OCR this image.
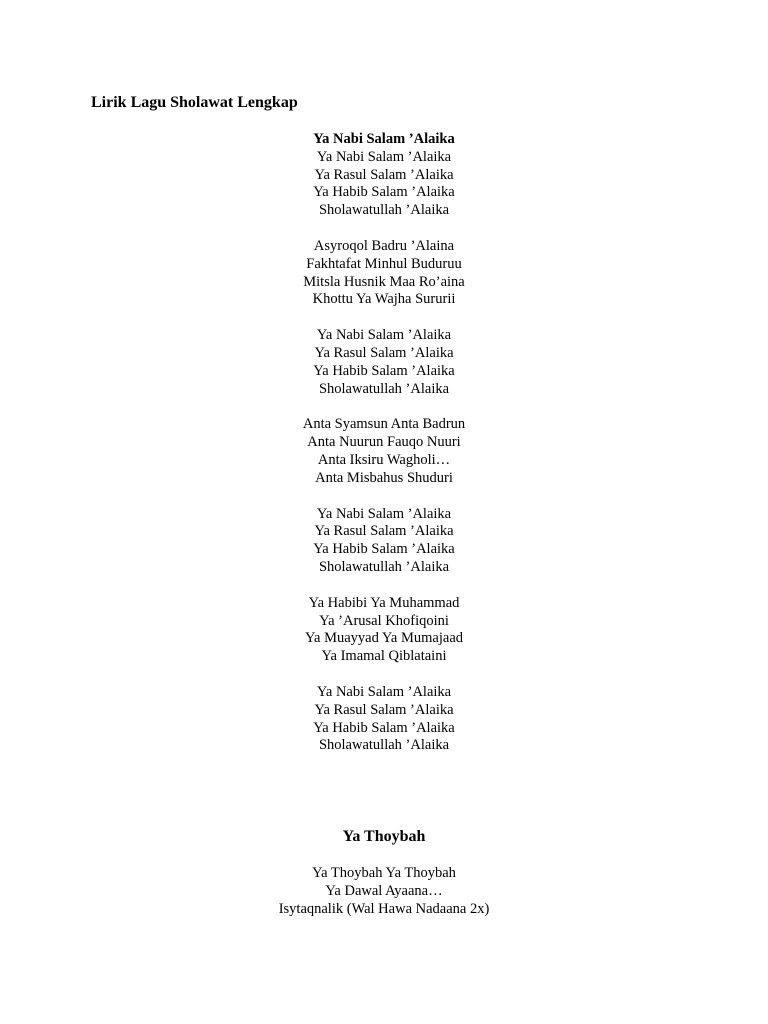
Lirik Lagu Sholawat Lengkap
Ya Nabi Salam ’Alaika
Ya Nabi Salam ’Alaika
Ya Rasul Salam ’Alaika
Ya Habib Salam ’Alaika
Sholawatullah ’Alaika
Asyroqol Badru ’Alaina
Fakhtafat Minhul Buduruu
Mitsla Husnik Maa Ro’aina
Khottu Ya Wajha Sururii
Ya Nabi Salam ’Alaika
Ya Rasul Salam ’Alaika
Ya Habib Salam ’Alaika
Sholawatullah ’Alaika
Anta Syamsun Anta Badrun
Anta Nuurun Fauqo Nuuri
Anta Iksiru Wagholi…
Anta Misbahus Shuduri
Ya Nabi Salam ’Alaika
Ya Rasul Salam ’Alaika
Ya Habib Salam ’Alaika
Sholawatullah ’Alaika
Ya Habibi Ya Muhammad
Ya ’Arusal Khofiqoini
Ya Muayyad Ya Mumajaad
Ya Imamal Qiblataini
Ya Nabi Salam ’Alaika
Ya Rasul Salam ’Alaika
Ya Habib Salam ’Alaika
Sholawatullah ’Alaika
Ya Thoybah
Ya Thoybah Ya Thoybah
Ya Dawal Ayaana…
Isytaqnalik (Wal Hawa Nadaana 2x)
